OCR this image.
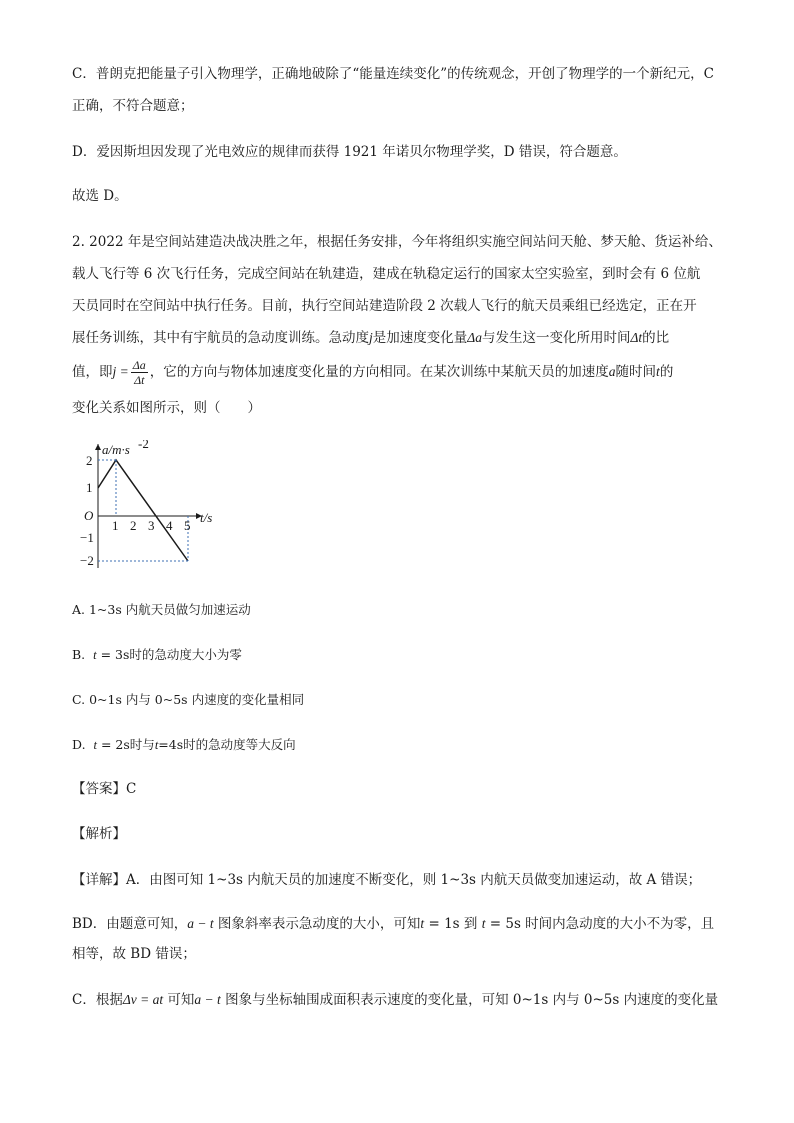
C．普朗克把能量子引入物理学，正确地破除了“能量连续变化”的传统观念，开创了物理学的一个新纪元，C
正确，不符合题意；
D．爱因斯坦因发现了光电效应的规律而获得 1921 年诺贝尔物理学奖，D 错误，符合题意。
故选 D。
2. 2022 年是空间站建造决战决胜之年，根据任务安排，今年将组织实施空间站问天舱、梦天舱、货运补给、
载人飞行等 6 次飞行任务，完成空间站在轨建造，建成在轨稳定运行的国家太空实验室，到时会有 6 位航
天员同时在空间站中执行任务。目前，执行空间站建造阶段 2 次载人飞行的航天员乘组已经选定，正在开
展任务训练，其中有宇航员的急动度训练。急动度j是加速度变化量Δa与发生这一变化所用时间Δt的比
值，即$j = \frac{\Delta a}{\Delta t}$ ，它的方向与物体加速度变化量的方向相同。在某次训练中某航天员的加速度a随时间t的
变化关系如图所示，则（　　）
a/m·s -2
t/s
O
1 2 3 4 5
2
1
−1
−2
A. 1~3s 内航天员做匀加速运动
B. t = 3s时的急动度大小为零
C. 0~1s 内与 0~5s 内速度的变化量相同
D. t = 2s时与t=4s时的急动度等大反向
【答案】C
【解析】
【详解】A．由图可知 1~3s 内航天员的加速度不断变化，则 1~3s 内航天员做变加速运动，故 A 错误；
BD．由题意可知，a − t 图象斜率表示急动度的大小，可知t = 1s 到 t = 5s 时间内急动度的大小不为零，且
相等，故 BD 错误；
C．根据Δv = at 可知a − t 图象与坐标轴围成面积表示速度的变化量，可知 0~1s 内与 0~5s 内速度的变化量
